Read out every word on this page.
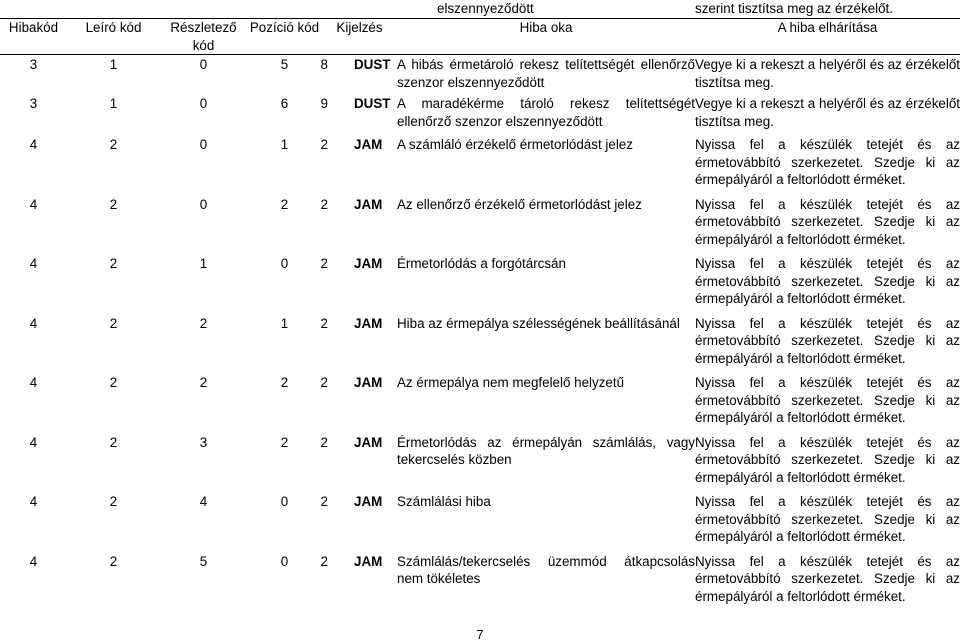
					elszennyeződött	szerint tisztítsa meg az érzékelőt.
Hibakód	Leíró kód	Részletező kód	Pozíció kód	Kijelzés	Hiba oka	A hiba elhárítása
3	1	0	5	8 DUST	A hibás érmetároló rekesz telítettségét ellenőrző szenzor elszennyeződött	Vegye ki a rekeszt a helyéről és az érzékelőt tisztítsa meg.
3	1	0	6	9 DUST	A maradékérme tároló rekesz telítettségét ellenőrző szenzor elszennyeződött	Vegye ki a rekeszt a helyéről és az érzékelőt tisztítsa meg.
4	2	0	1	2 JAM	A számláló érzékelő érmetorlódást jelez	Nyissa fel a készülék tetejét és az érmetovábbító szerkezetet. Szedje ki az érmepályáról a feltorlódott érméket.
4	2	0	2	2 JAM	Az ellenőrző érzékelő érmetorlódást jelez	Nyissa fel a készülék tetejét és az érmetovábbító szerkezetet. Szedje ki az érmepályáról a feltorlódott érméket.
4	2	1	0	2 JAM	Érmetorlódás a forgótárcsán	Nyissa fel a készülék tetejét és az érmetovábbító szerkezetet. Szedje ki az érmepályáról a feltorlódott érméket.
4	2	2	1	2 JAM	Hiba az érmepálya szélességének beállításánál	Nyissa fel a készülék tetejét és az érmetovábbító szerkezetet. Szedje ki az érmepályáról a feltorlódott érméket.
4	2	2	2	2 JAM	Az érmepálya nem megfelelő helyzetű	Nyissa fel a készülék tetejét és az érmetovábbító szerkezetet. Szedje ki az érmepályáról a feltorlódott érméket.
4	2	3	2	2 JAM	Érmetorlódás az érmepályán számlálás, vagy tekercselés közben	Nyissa fel a készülék tetejét és az érmetovábbító szerkezetet. Szedje ki az érmepályáról a feltorlódott érméket.
4	2	4	0	2 JAM	Számlálási hiba	Nyissa fel a készülék tetejét és az érmetovábbító szerkezetet. Szedje ki az érmepályáról a feltorlódott érméket.
4	2	5	0	2 JAM	Számlálás/tekercselés üzemmód átkapcsolás nem tökéletes	Nyissa fel a készülék tetejét és az érmetovábbító szerkezetet. Szedje ki az érmepályáról a feltorlódott érméket.
7
